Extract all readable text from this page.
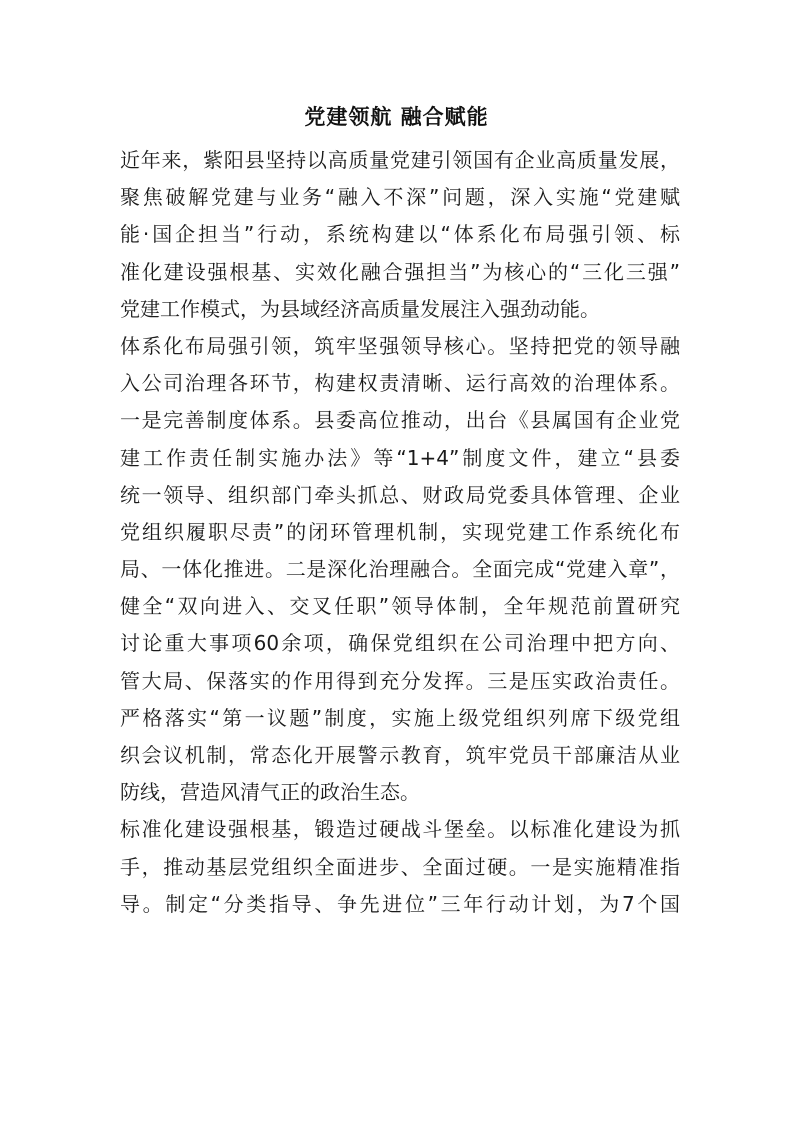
党建领航 融合赋能
近年来，紫阳县坚持以高质量党建引领国有企业高质量发展，
聚焦破解党建与业务“融入不深”问题，深入实施“党建赋
能·国企担当”行动，系统构建以“体系化布局强引领、标
准化建设强根基、实效化融合强担当”为核心的“三化三强”
党建工作模式，为县域经济高质量发展注入强劲动能。
体系化布局强引领，筑牢坚强领导核心。坚持把党的领导融
入公司治理各环节，构建权责清晰、运行高效的治理体系。
一是完善制度体系。县委高位推动，出台《县属国有企业党
建工作责任制实施办法》等“1+4”制度文件，建立“县委
统一领导、组织部门牵头抓总、财政局党委具体管理、企业
党组织履职尽责”的闭环管理机制，实现党建工作系统化布
局、一体化推进。二是深化治理融合。全面完成“党建入章”，
健全“双向进入、交叉任职”领导体制，全年规范前置研究
讨论重大事项60余项，确保党组织在公司治理中把方向、
管大局、保落实的作用得到充分发挥。三是压实政治责任。
严格落实“第一议题”制度，实施上级党组织列席下级党组
织会议机制，常态化开展警示教育，筑牢党员干部廉洁从业
防线，营造风清气正的政治生态。
标准化建设强根基，锻造过硬战斗堡垒。以标准化建设为抓
手，推动基层党组织全面进步、全面过硬。一是实施精准指
导。制定“分类指导、争先进位”三年行动计划，为7个国
